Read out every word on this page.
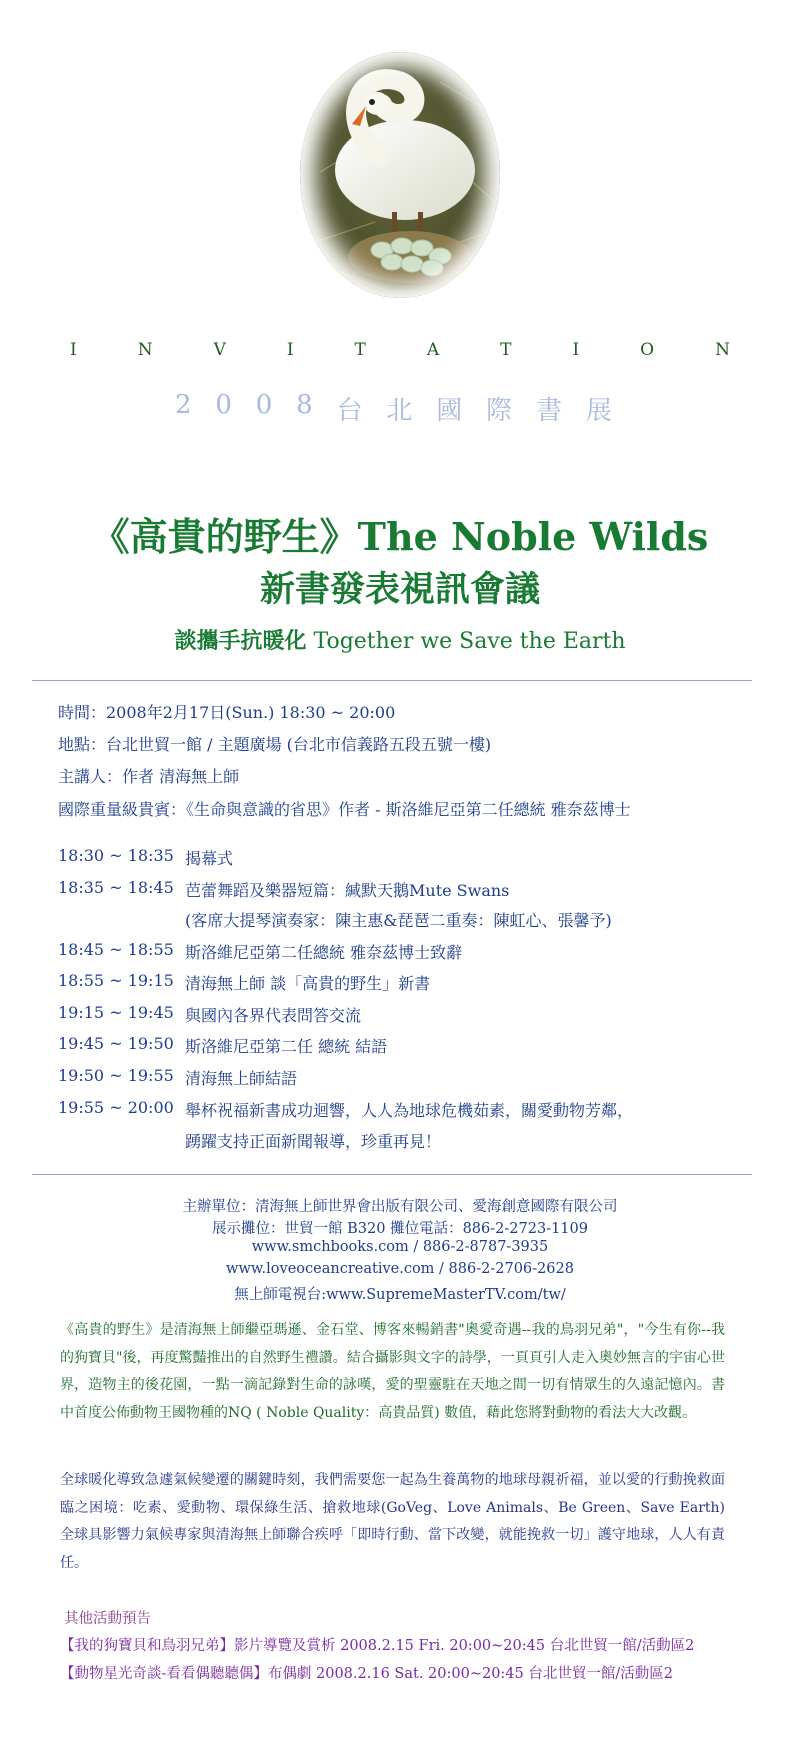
I	N	V	I	T	A	T	I	O	N
2 0 0 8 台 北 國 際 書 展
《高貴的野生》The Noble Wilds
新書發表視訊會議
談攜手抗暖化 Together we Save the Earth
時間：2008年2月17日(Sun.) 18:30 ~ 20:00
地點：台北世貿一館 / 主題廣場 (台北市信義路五段五號一樓)
主講人：作者 清海無上師
國際重量級貴賓：《生命與意識的省思》作者 - 斯洛維尼亞第二任總統 雅奈茲博士
18:30 ~ 18:35 揭幕式
18:35 ~ 18:45 芭蕾舞蹈及樂器短篇：緘默天鵝Mute Swans
(客席大提琴演奏家：陳主惠&琵琶二重奏：陳虹心、張馨予)
18:45 ~ 18:55 斯洛維尼亞第二任總統 雅奈茲博士致辭
18:55 ~ 19:15 清海無上師 談「高貴的野生」新書
19:15 ~ 19:45 與國內各界代表問答交流
19:45 ~ 19:50 斯洛維尼亞第二任 總統 結語
19:50 ~ 19:55 清海無上師結語
19:55 ~ 20:00 舉杯祝福新書成功迴響，人人為地球危機茹素，關愛動物芳鄰，
踴躍支持正面新聞報導，珍重再見！
主辦單位：清海無上師世界會出版有限公司、愛海創意國際有限公司
展示攤位：世貿一館 B320 攤位電話：886-2-2723-1109
www.smchbooks.com / 886-2-8787-3935
www.loveoceancreative.com / 886-2-2706-2628
無上師電視台:www.SupremeMasterTV.com/tw/
《高貴的野生》是清海無上師繼亞瑪遜、金石堂、博客來暢銷書"奧愛奇遇--我的鳥羽兄弟"，"今生有你--我的狗寶貝"後，再度驚豔推出的自然野生禮讚。結合攝影與文字的詩學，一頁頁引人走入奧妙無言的宇宙心世界，造物主的後花園，一點一滴記錄對生命的詠嘆，愛的聖靈駐在天地之間一切有情眾生的久遠記憶內。書中首度公佈動物王國物種的NQ ( Noble Quality：高貴品質) 數值，藉此您將對動物的看法大大改觀。
全球暖化導致急遽氣候變遷的關鍵時刻，我們需要您一起為生養萬物的地球母親祈福，並以愛的行動挽救面臨之困境：吃素、愛動物、環保綠生活、搶救地球(GoVeg、Love Animals、Be Green、Save Earth) 全球具影響力氣候專家與清海無上師聯合疾呼「即時行動、當下改變，就能挽救一切」護守地球，人人有責任。
其他活動預告
【我的狗寶貝和鳥羽兄弟】影片導覽及賞析 2008.2.15 Fri. 20:00~20:45 台北世貿一館/活動區2
【動物星光奇談-看看偶聽聽偶】布偶劇 2008.2.16 Sat. 20:00~20:45 台北世貿一館/活動區2
